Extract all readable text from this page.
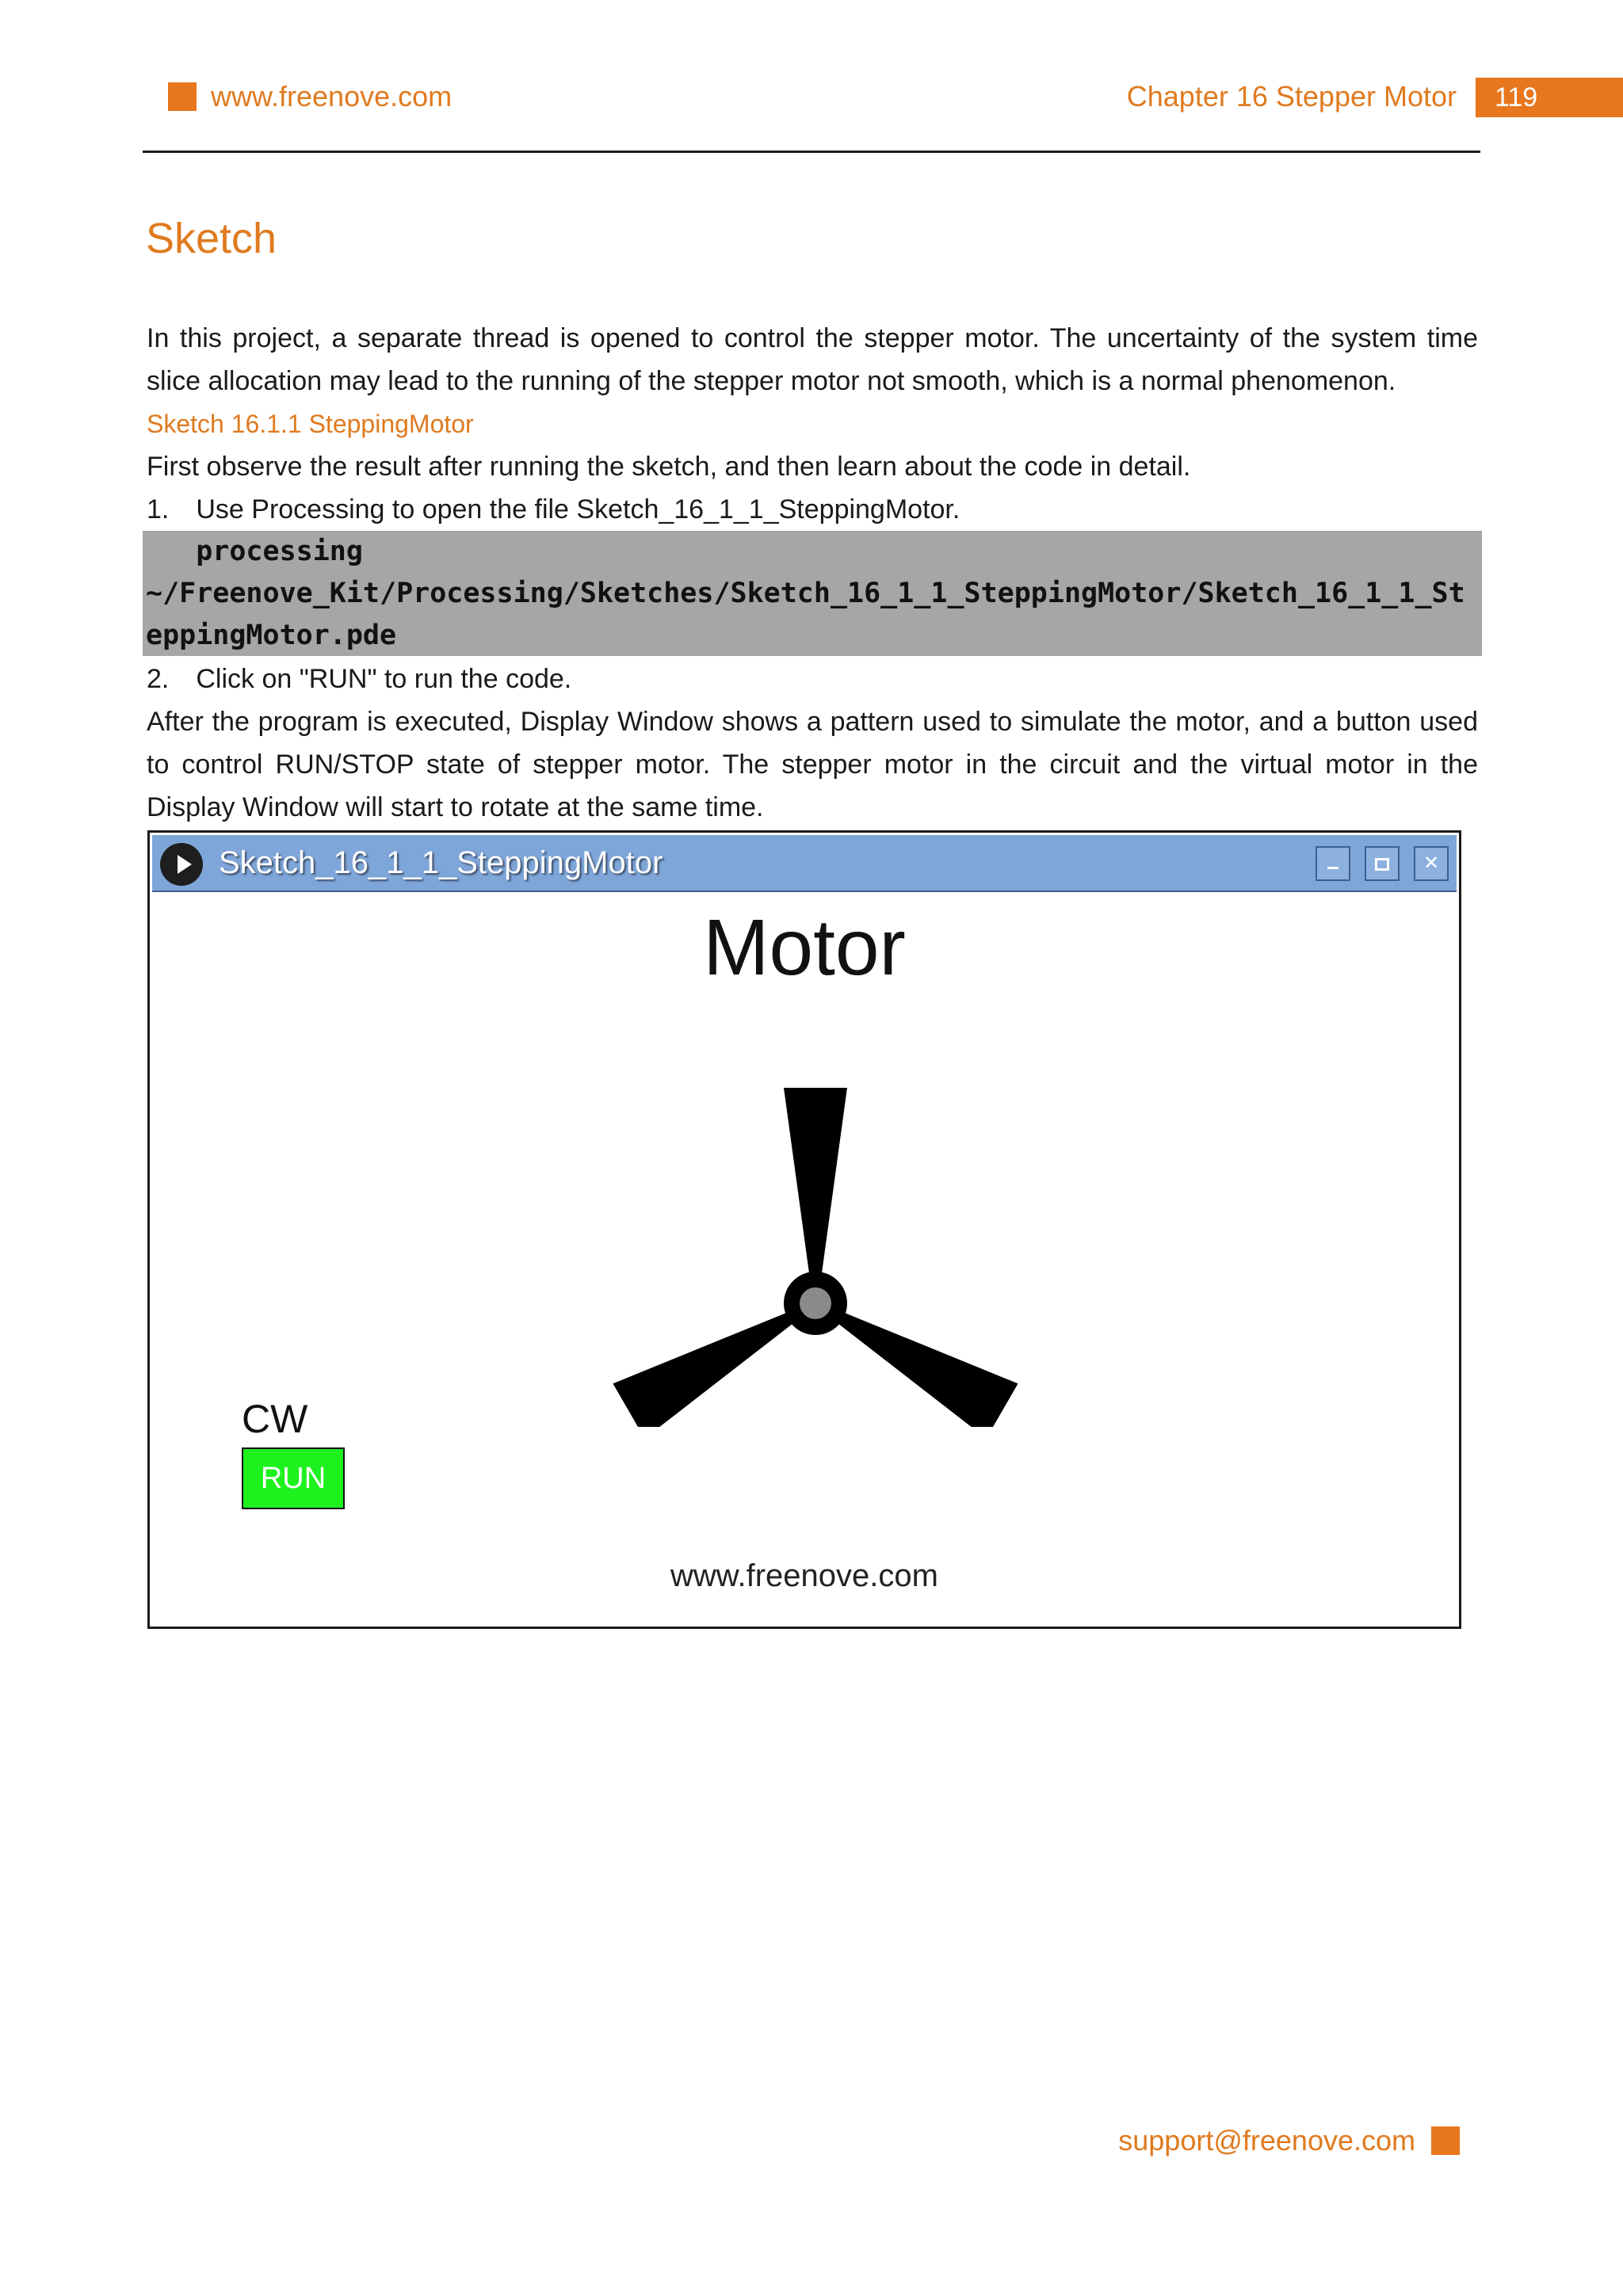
www.freenove.com	Chapter 16 Stepper Motor	119
Sketch
In this project, a separate thread is opened to control the stepper motor. The uncertainty of the system time slice allocation may lead to the running of the stepper motor not smooth, which is a normal phenomenon.
Sketch 16.1.1 SteppingMotor
First observe the result after running the sketch, and then learn about the code in detail.
1. Use Processing to open the file Sketch_16_1_1_SteppingMotor.
processing
~/Freenove_Kit/Processing/Sketches/Sketch_16_1_1_SteppingMotor/Sketch_16_1_1_St
eppingMotor.pde
2. Click on "RUN" to run the code.
After the program is executed, Display Window shows a pattern used to simulate the motor, and a button used to control RUN/STOP state of stepper motor. The stepper motor in the circuit and the virtual motor in the Display Window will start to rotate at the same time.
Sketch_16_1_1_SteppingMotor	✕
Motor
CW
RUN
www.freenove.com
support@freenove.com
